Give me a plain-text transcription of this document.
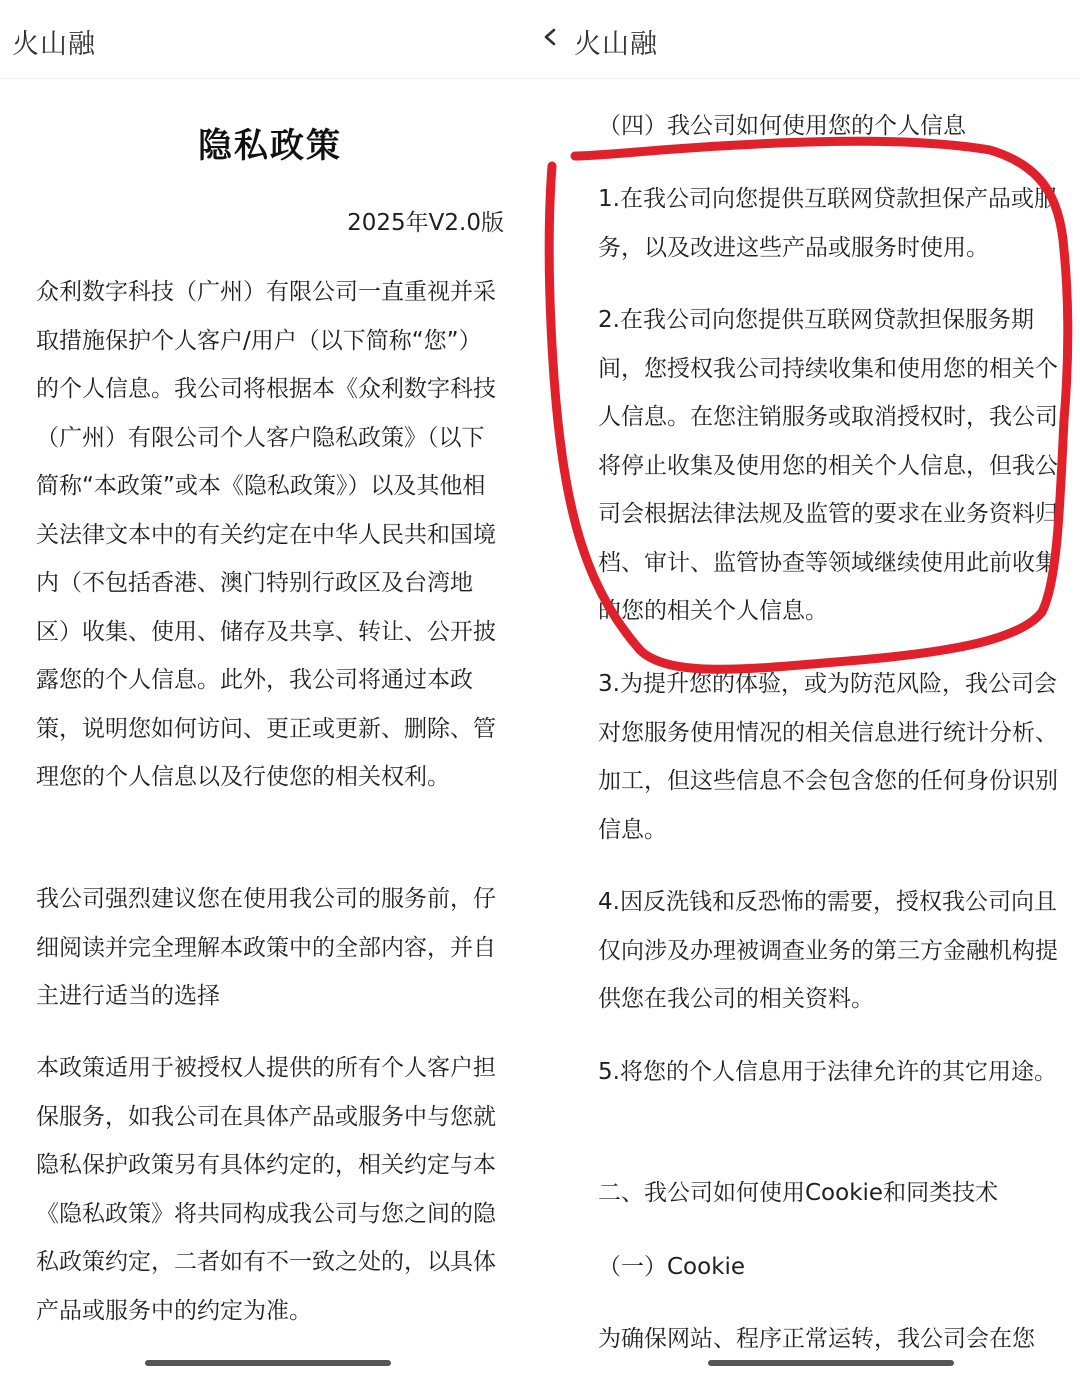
火山融
隐私政策
2025年V2.0版

众利数字科技（广州）有限公司一直重视并采取措施保护个人客户/用户（以下简称“您”）的个人信息。我公司将根据本《众利数字科技（广州）有限公司个人客户隐私政策》（以下简称“本政策”或本《隐私政策》）以及其他相关法律文本中的有关约定在中华人民共和国境内（不包括香港、澳门特别行政区及台湾地区）收集、使用、储存及共享、转让、公开披露您的个人信息。此外，我公司将通过本政策，说明您如何访问、更正或更新、删除、管理您的个人信息以及行使您的相关权利。

我公司强烈建议您在使用我公司的服务前，仔细阅读并完全理解本政策中的全部内容，并自主进行适当的选择

本政策适用于被授权人提供的所有个人客户担保服务，如我公司在具体产品或服务中与您就隐私保护政策另有具体约定的，相关约定与本《隐私政策》将共同构成我公司与您之间的隐私政策约定，二者如有不一致之处的，以具体产品或服务中的约定为准。

火山融

（四）我公司如何使用您的个人信息

1.在我公司向您提供互联网贷款担保产品或服务，以及改进这些产品或服务时使用。

2.在我公司向您提供互联网贷款担保服务期间，您授权我公司持续收集和使用您的相关个人信息。在您注销服务或取消授权时，我公司将停止收集及使用您的相关个人信息，但我公司会根据法律法规及监管的要求在业务资料归档、审计、监管协查等领域继续使用此前收集的您的相关个人信息。

3.为提升您的体验，或为防范风险，我公司会对您服务使用情况的相关信息进行统计分析、加工，但这些信息不会包含您的任何身份识别信息。

4.因反洗钱和反恐怖的需要，授权我公司向且仅向涉及办理被调查业务的第三方金融机构提供您在我公司的相关资料。

5.将您的个人信息用于法律允许的其它用途。

二、我公司如何使用Cookie和同类技术

（一）Cookie

为确保网站、程序正常运转，我公司会在您
